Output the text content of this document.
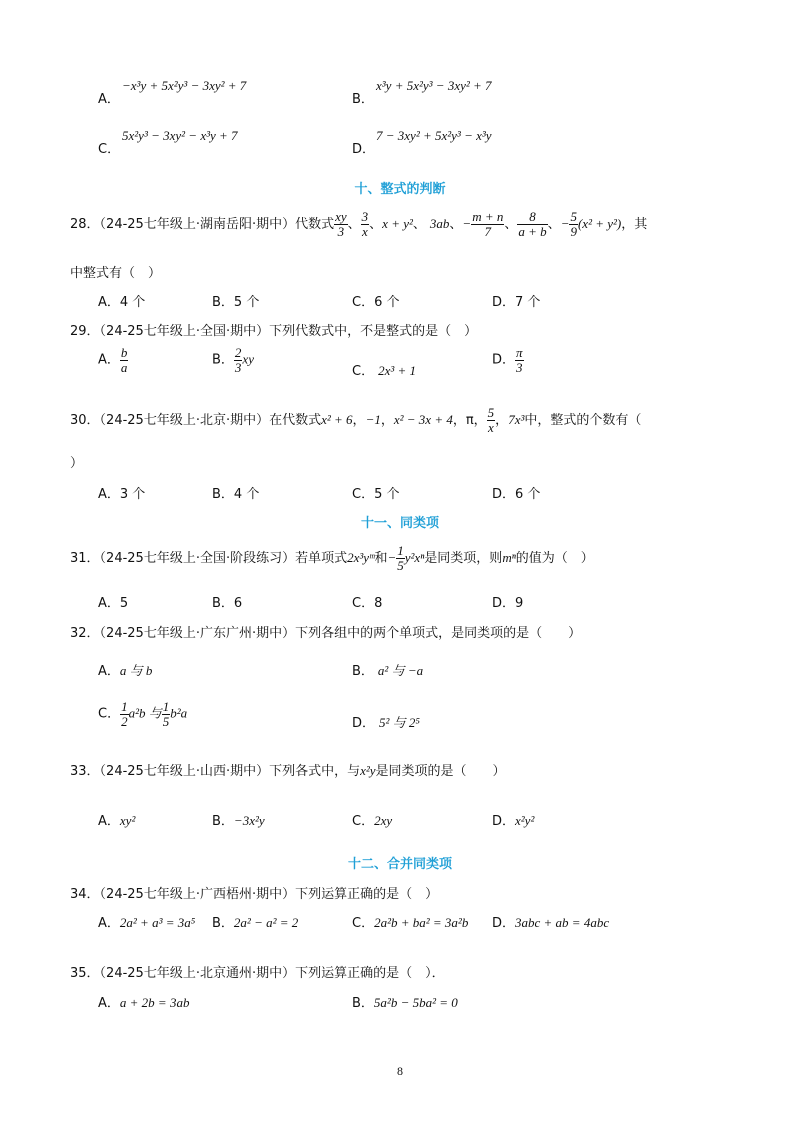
A．
−x³y + 5x²y³ − 3xy² + 7
B．
x³y + 5x²y³ − 3xy² + 7
C．
5x²y³ − 3xy² − x³y + 7
D．
7 − 3xy² + 5x²y³ − x³y
十、整式的判断
28．（24-25七年级上·湖南岳阳·期中）代数式 $\frac{xy}{3}$ 、 $\frac{3}{x}$ 、x + y²、 3ab、− $\frac{m + n}{7}$ 、 $\frac{8}{a + b}$ 、− $\frac{5}{9} (x^2 + y^2)$，其
中整式有（　）
A．4 个	B．5 个	C．6 个	D．7 个
29．（24-25七年级上·全国·期中）下列代数式中，不是整式的是（　）
A． $\frac{b}{a}$	B． $\frac{2}{3}$ xy
C． 2x³ + 1
D． $\frac{\pi}{3}$
30．（24-25七年级上·北京·期中）在代数式x² + 6，−1，x² − 3x + 4，π， $\frac{5}{x}$ ，7x³中，整式的个数有（
）
A．3 个	B．4 个	C．5 个	D．6 个
十一、同类项
31．（24-25七年级上·全国·阶段练习）若单项式2x³yᵐ和− $\frac{1}{5} y^2x^n$是同类项，则mⁿ的值为（　）
A．5	B．6	C．8	D．9
32．（24-25七年级上·广东广州·期中）下列各组中的两个单项式，是同类项的是（　　）
A．a 与 b	B． a² 与 −a
C． $\frac{1}{2} a^2b$ 与 $\frac{1}{5} b^2a$
D． 5² 与 2⁵
33．（24-25七年级上·山西·期中）下列各式中，与x²y是同类项的是（　　）
A．xy²	B．−3x²y	C．2xy	D．x²y²
十二、合并同类项
34．（24-25七年级上·广西梧州·期中）下列运算正确的是（　）
A．2a² + a³ = 3a⁵ B．2a² − a² = 2	C．2a²b + ba² = 3a²b D．3abc + ab = 4abc
35．（24-25七年级上·北京通州·期中）下列运算正确的是（　）．
A．a + 2b = 3ab	B．5a²b − 5ba² = 0
8
